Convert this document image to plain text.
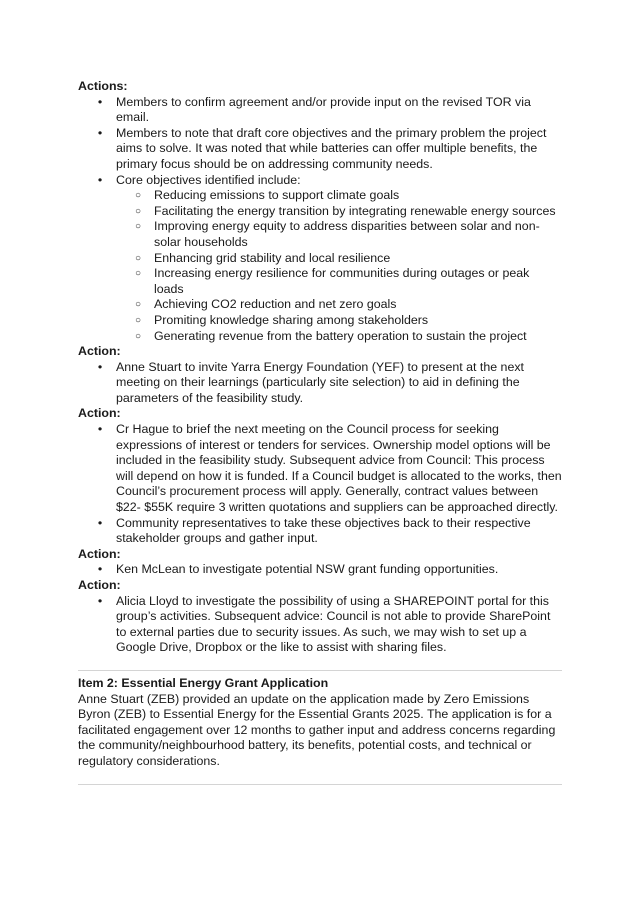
Actions:

• Members to confirm agreement and/or provide input on the revised TOR via email.
• Members to note that draft core objectives and the primary problem the project aims to solve. It was noted that while batteries can offer multiple benefits, the primary focus should be on addressing community needs.
• Core objectives identified include:
○ Reducing emissions to support climate goals
○ Facilitating the energy transition by integrating renewable energy sources
○ Improving energy equity to address disparities between solar and non-solar households
○ Enhancing grid stability and local resilience
○ Increasing energy resilience for communities during outages or peak loads
○ Achieving CO2 reduction and net zero goals
○ Promiting knowledge sharing among stakeholders
○ Generating revenue from the battery operation to sustain the project

Action:

• Anne Stuart to invite Yarra Energy Foundation (YEF) to present at the next meeting on their learnings (particularly site selection) to aid in defining the parameters of the feasibility study.

Action:

• Cr Hague to brief the next meeting on the Council process for seeking expressions of interest or tenders for services. Ownership model options will be included in the feasibility study. Subsequent advice from Council: This process will depend on how it is funded. If a Council budget is allocated to the works, then Council’s procurement process will apply. Generally, contract values between $22- $55K require 3 written quotations and suppliers can be approached directly.
• Community representatives to take these objectives back to their respective stakeholder groups and gather input.

Action:

• Ken McLean to investigate potential NSW grant funding opportunities.

Action:

• Alicia Lloyd to investigate the possibility of using a SHAREPOINT portal for this group’s activities. Subsequent advice: Council is not able to provide SharePoint to external parties due to security issues. As such, we may wish to set up a Google Drive, Dropbox or the like to assist with sharing files.

Item 2: Essential Energy Grant Application

Anne Stuart (ZEB) provided an update on the application made by Zero Emissions Byron (ZEB) to Essential Energy for the Essential Grants 2025. The application is for a facilitated engagement over 12 months to gather input and address concerns regarding the community/neighbourhood battery, its benefits, potential costs, and technical or regulatory considerations.
